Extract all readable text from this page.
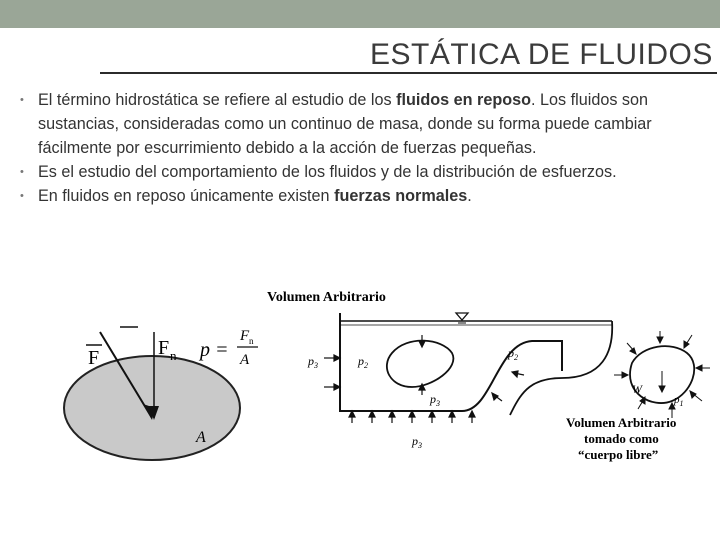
ESTÁTICA DE FLUIDOS
• El término hidrostática se refiere al estudio de los fluidos en reposo. Los fluidos son sustancias, consideradas como un continuo de masa, donde su forma puede cambiar fácilmente por escurrimiento debido a la acción de fuerzas pequeñas.
• Es el estudio del comportamiento de los fluidos y de la distribución de esfuerzos.
• En fluidos en reposo únicamente existen fuerzas normales.
F	F n p =
F n
A
A
Volumen Arbitrario
$p_3$	$p_2$
$p_2$
$p_3$
$p_3$
W
$p_1$
Volumen Arbitrario
tomado como
“cuerpo libre”
